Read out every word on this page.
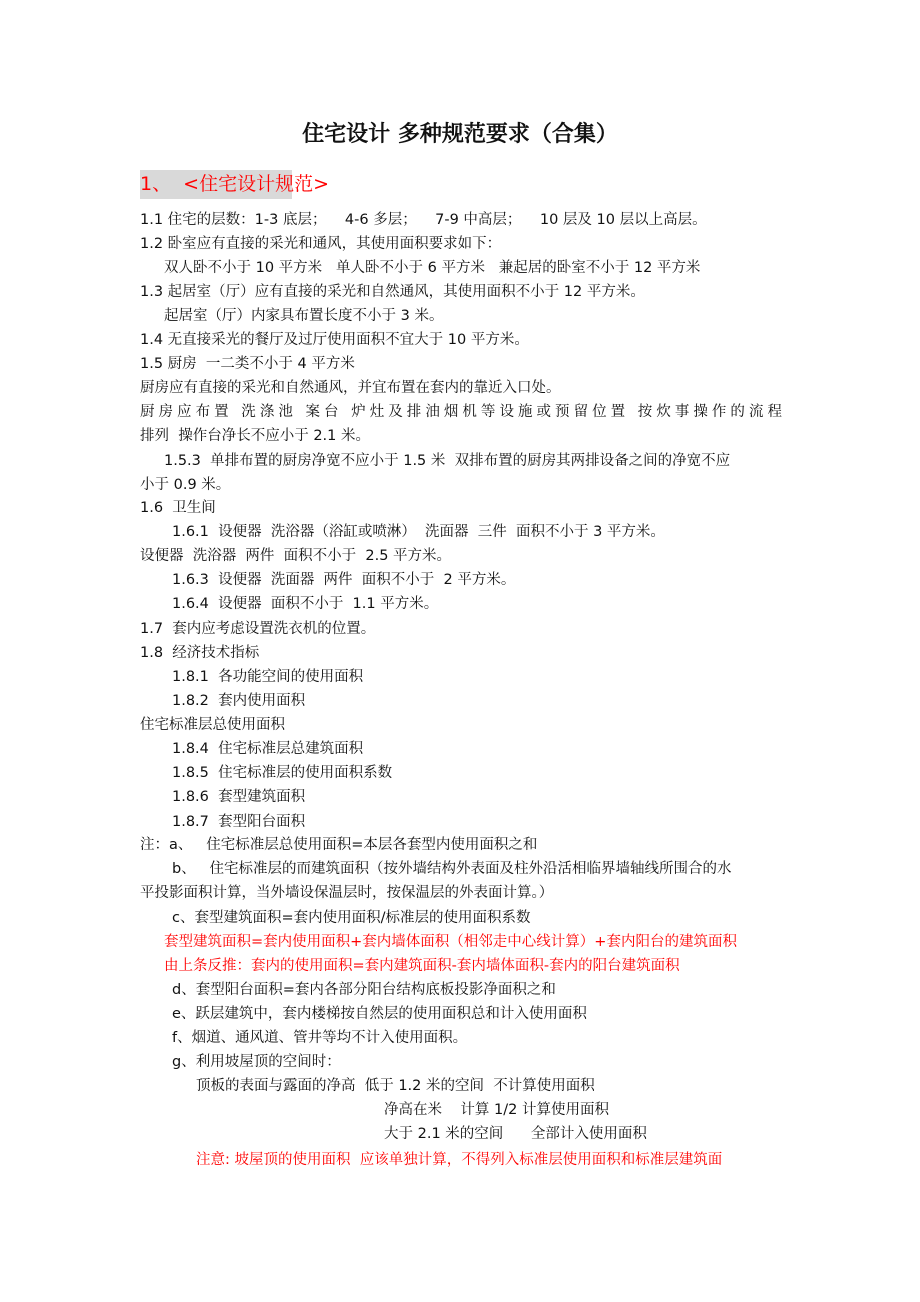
住宅设计 多种规范要求（合集）
1、  <住宅设计规范>
1.1 住宅的层数：1-3 底层；    4-6 多层；    7-9 中高层；    10 层及 10 层以上高层。
1.2 卧室应有直接的采光和通风，其使用面积要求如下：
双人卧不小于 10 平方米   单人卧不小于 6 平方米   兼起居的卧室不小于 12 平方米
1.3 起居室（厅）应有直接的采光和自然通风，其使用面积不小于 12 平方米。
起居室（厅）内家具布置长度不小于 3 米。
1.4 无直接采光的餐厅及过厅使用面积不宜大于 10 平方米。
1.5 厨房  一二类不小于 4 平方米
厨房应有直接的采光和自然通风，并宜布置在套内的靠近入口处。
厨房应布置 洗涤池 案台 炉灶及排油烟机等设施或预留位置 按炊事操作的流程
排列  操作台净长不应小于 2.1 米。
1.5.3  单排布置的厨房净宽不应小于 1.5 米  双排布置的厨房其两排设备之间的净宽不应
小于 0.9 米。
1.6  卫生间
1.6.1  设便器  洗浴器（浴缸或喷淋）  洗面器  三件  面积不小于 3 平方米。
设便器  洗浴器  两件  面积不小于  2.5 平方米。
1.6.3  设便器  洗面器  两件  面积不小于  2 平方米。
1.6.4  设便器  面积不小于  1.1 平方米。
1.7  套内应考虑设置洗衣机的位置。
1.8  经济技术指标
1.8.1  各功能空间的使用面积
1.8.2  套内使用面积
住宅标准层总使用面积
1.8.4  住宅标准层总建筑面积
1.8.5  住宅标准层的使用面积系数
1.8.6  套型建筑面积
1.8.7  套型阳台面积
注：a、   住宅标准层总使用面积=本层各套型内使用面积之和
b、   住宅标准层的而建筑面积（按外墙结构外表面及柱外沿活相临界墙轴线所围合的水
平投影面积计算，当外墙设保温层时，按保温层的外表面计算。）
c、套型建筑面积=套内使用面积/标准层的使用面积系数
套型建筑面积=套内使用面积+套内墙体面积（相邻走中心线计算）+套内阳台的建筑面积
由上条反推：套内的使用面积=套内建筑面积-套内墙体面积-套内的阳台建筑面积
d、套型阳台面积=套内各部分阳台结构底板投影净面积之和
e、跃层建筑中，套内楼梯按自然层的使用面积总和计入使用面积
f、烟道、通风道、管井等均不计入使用面积。
g、利用坡屋顶的空间时：
顶板的表面与露面的净高  低于 1.2 米的空间  不计算使用面积
净高在米    计算 1/2 计算使用面积
大于 2.1 米的空间      全部计入使用面积
注意: 坡屋顶的使用面积  应该单独计算，不得列入标准层使用面积和标准层建筑面
